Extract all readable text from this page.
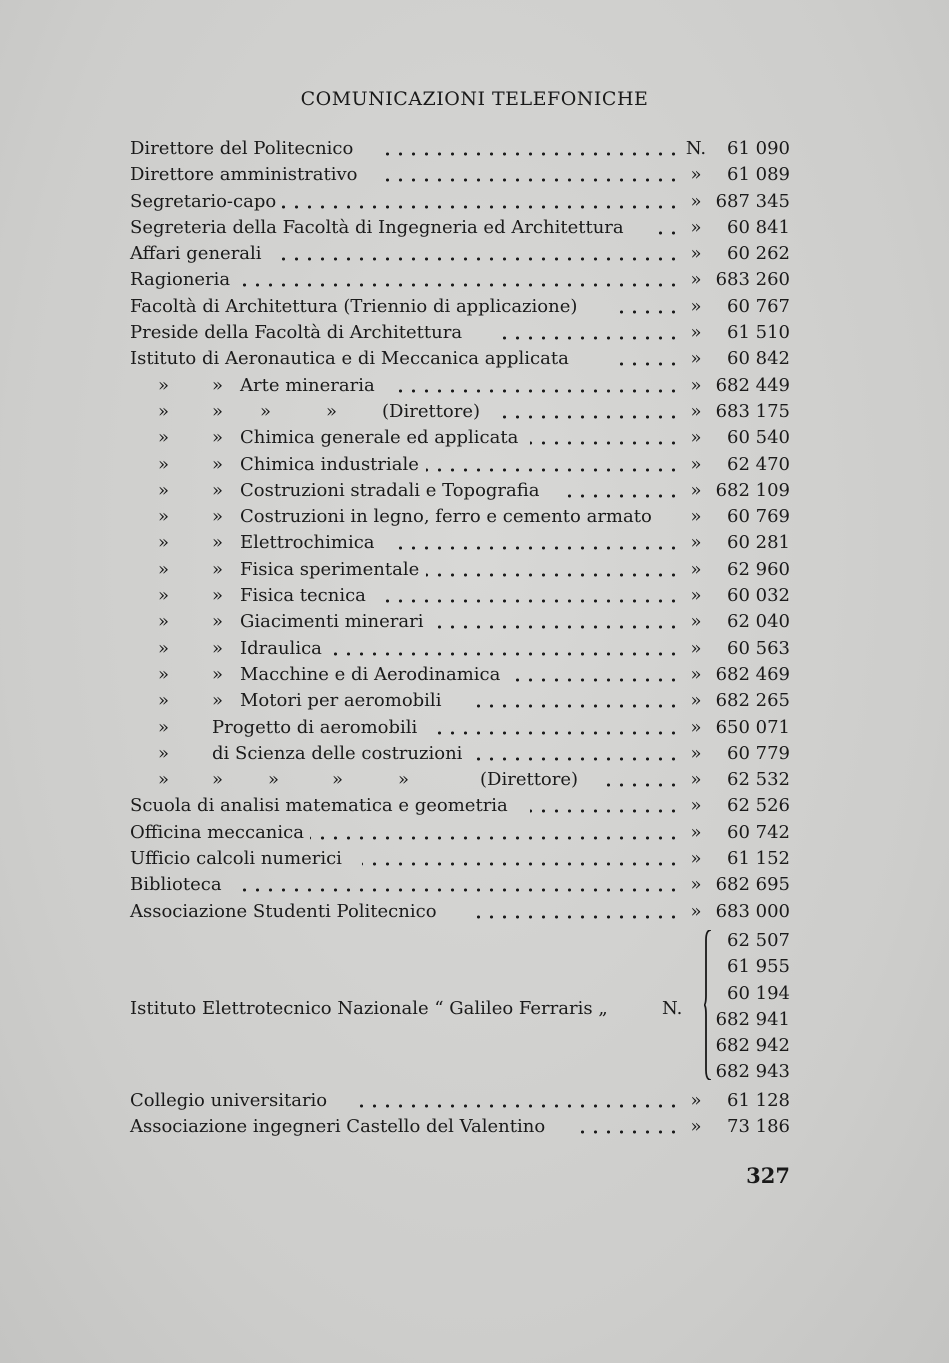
COMUNICAZIONI TELEFONICHE
Direttore del Politecnico	N. 61 090
Direttore amministrativo	»	61 089
Segretario-capo	» 687 345
Segreteria della Facoltà di Ingegneria ed Architettura	»	60 841
Affari generali	»	60 262
Ragioneria	» 683 260
Facoltà di Architettura (Triennio di applicazione)	»	60 767
Preside della Facoltà di Architettura	»	61 510
Istituto di Aeronautica e di Meccanica applicata	»	60 842
» » Arte mineraria	» 682 449
» » »	» (Direttore)	» 683 175
» » Chimica generale ed applicata	»	60 540
» » Chimica industriale	»	62 470
» » Costruzioni stradali e Topografia	» 682 109
» » Costruzioni in legno, ferro e cemento armato	»	60 769
» » Elettrochimica	»	60 281
» » Fisica sperimentale	»	62 960
» » Fisica tecnica	»	60 032
» » Giacimenti minerari	»	62 040
» » Idraulica	»	60 563
» » Macchine e di Aerodinamica	» 682 469
» » Motori per aeromobili	» 682 265
» Progetto di aeromobili	» 650 071
» di Scienza delle costruzioni	»	60 779
» » »	»	»	(Direttore)	»	62 532
Scuola di analisi matematica e geometria	»	62 526
Officina meccanica	»	60 742
Ufficio calcoli numerici	»	61 152
Biblioteca	» 682 695
Associazione Studenti Politecnico	» 683 000
Istituto Elettrotecnico Nazionale “ Galileo Ferraris „	N.
62 507
61 955
60 194
682 941
682 942
682 943
Collegio universitario	»	61 128
Associazione ingegneri Castello del Valentino	»	73 186
327
